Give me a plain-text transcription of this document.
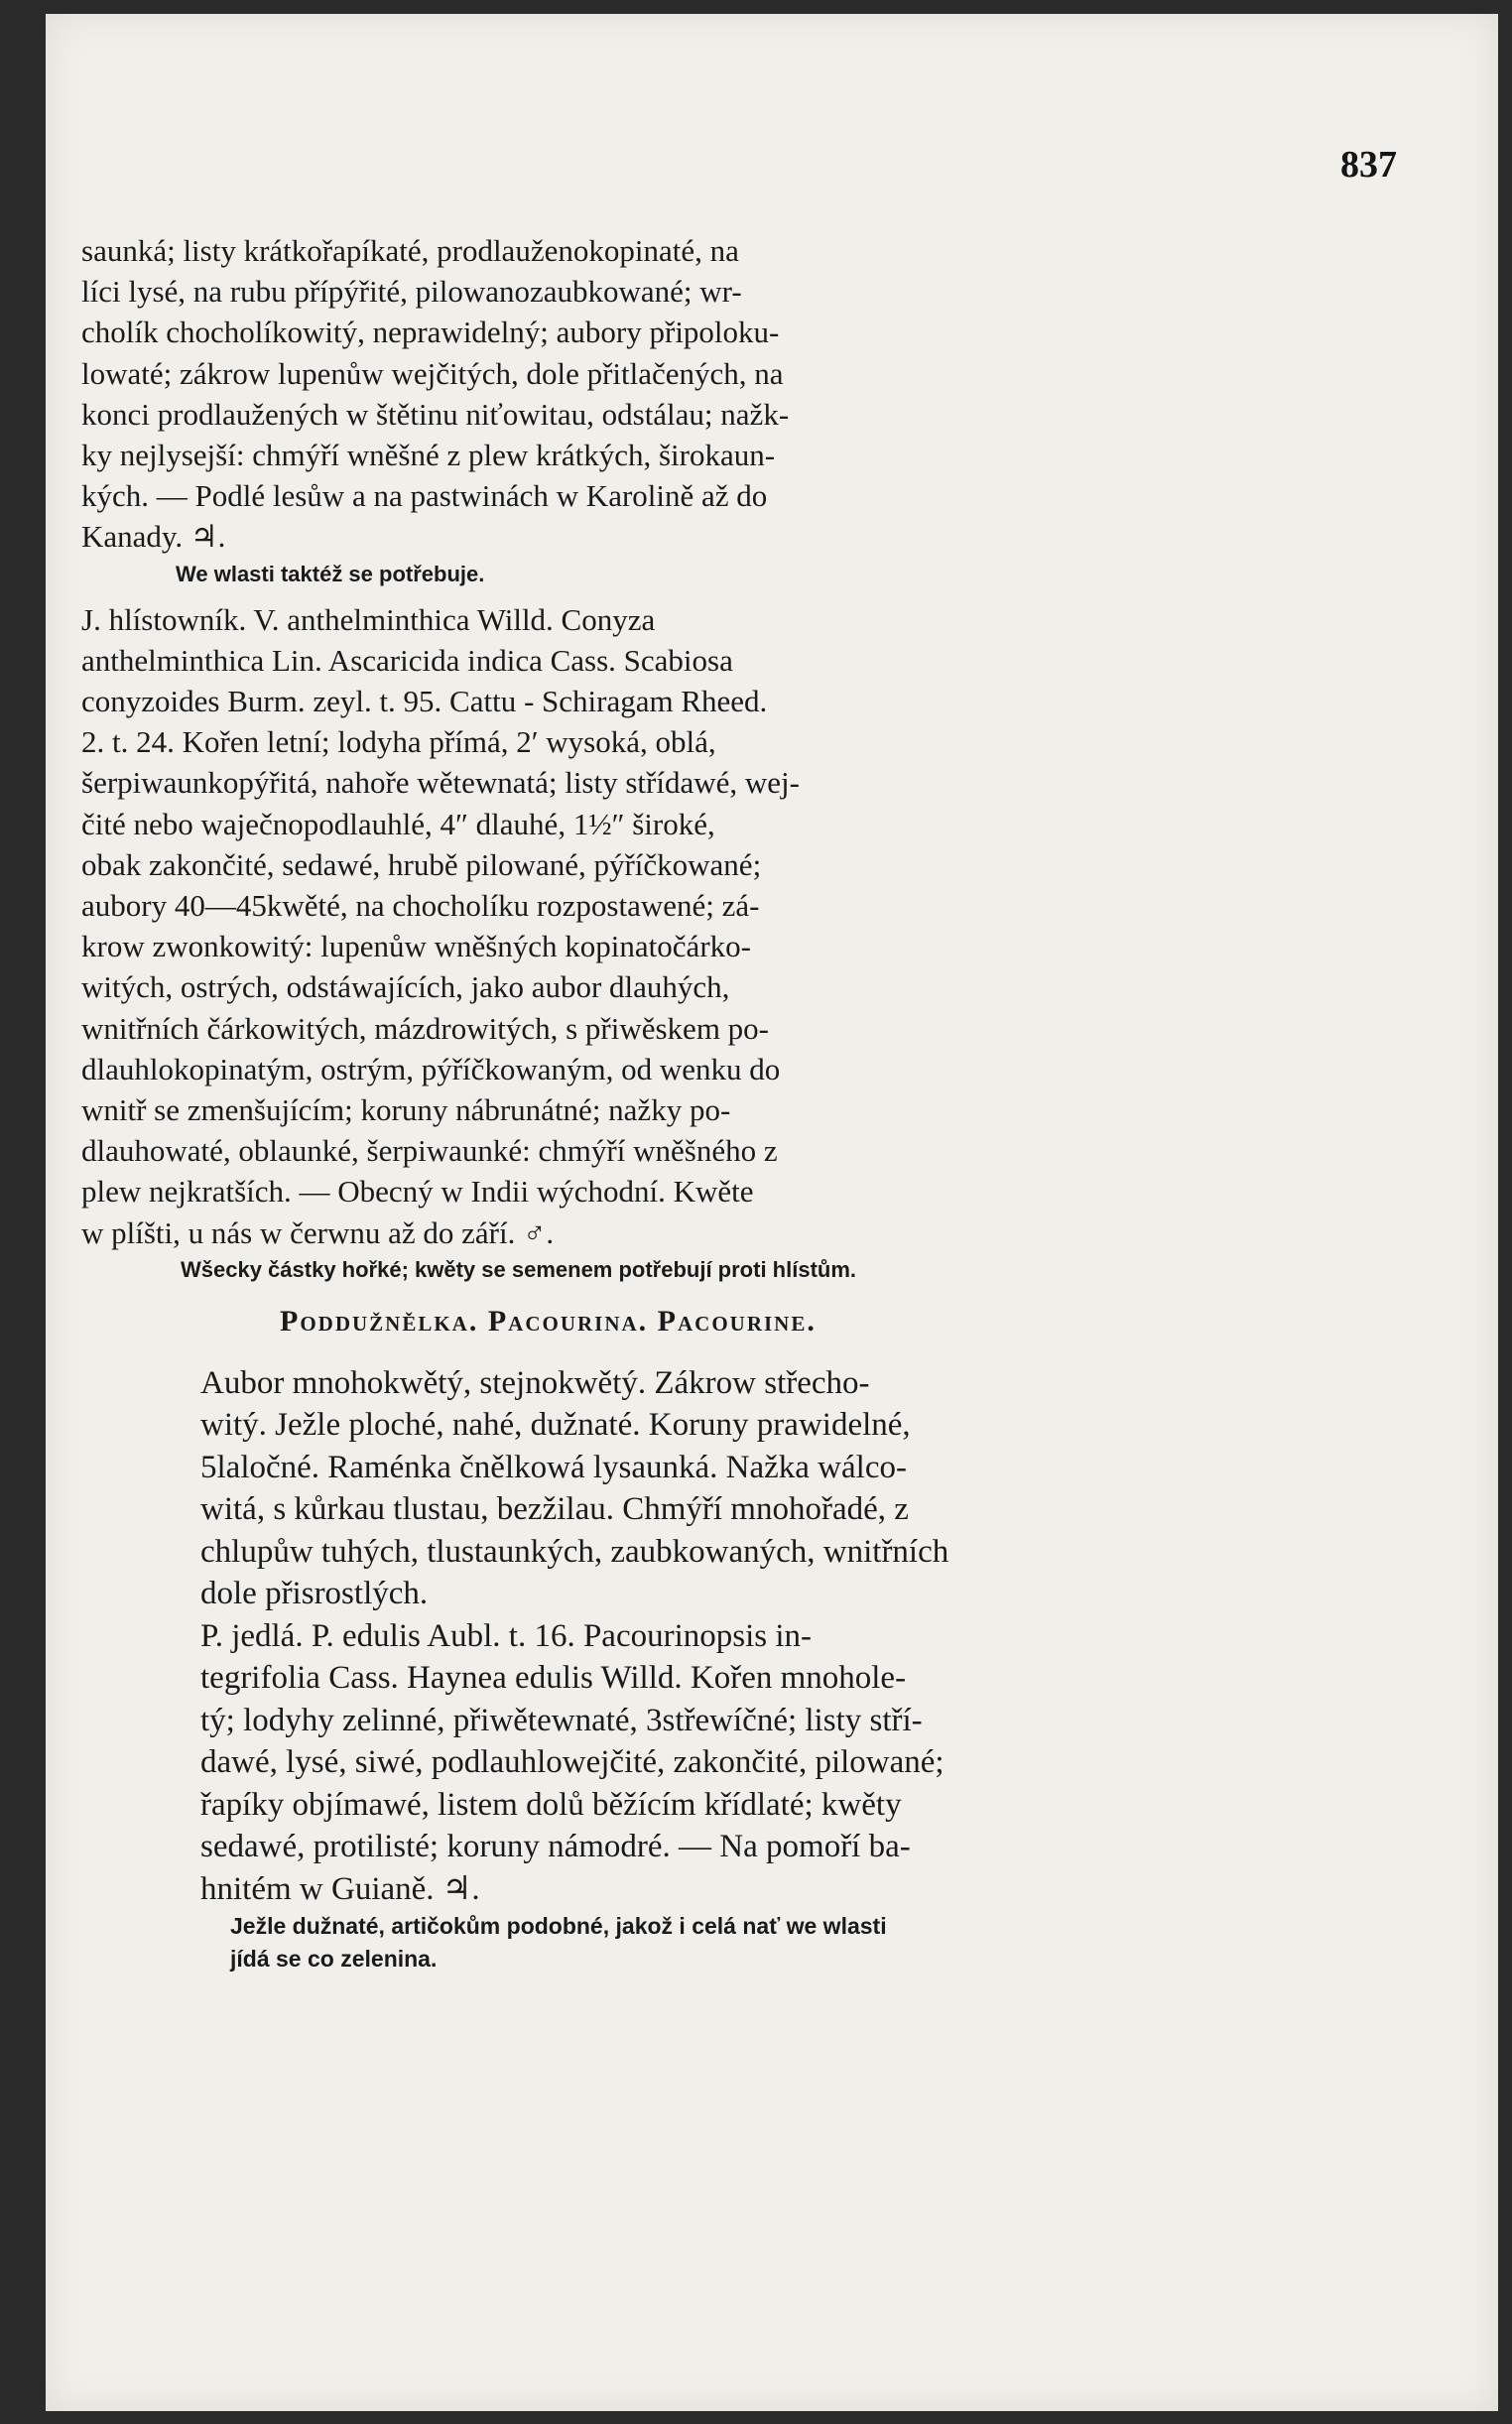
837
saunká; listy krátkořapíkaté, prodlauženokopinaté, na
líci lysé, na rubu přípýřité, pilowanozaubkowané; wr-
cholík chocholíkowitý, neprawidelný; aubory připoloku-
lowaté; zákrow lupenůw wejčitých, dole přitlačených, na
konci prodlaužených w štětinu niťowitau, odstálau; nažk-
ky nejlysejší: chmýří wněšné z plew krátkých, širokaun-
kých. — Podlé lesůw a na pastwinách w Karolině až do
Kanady. ♃.

We wlasti taktéž se potřebuje.

J. hlístowník. V. anthelminthica Willd. Conyza
anthelminthica Lin. Ascaricida indica Cass. Scabiosa
conyzoides Burm. zeyl. t. 95. Cattu - Schiragam Rheed.
2. t. 24. Kořen letní; lodyha přímá, 2′ wysoká, oblá,
šerpiwaunkopýřitá, nahoře wětewnatá; listy střídawé, wej-
čité nebo waječnopodlauhlé, 4″ dlauhé, 1½″ široké,
obak zakončité, sedawé, hrubě pilowané, pýříčkowané;
aubory 40—45kwěté, na chocholíku rozpostawené; zá-
krow zwonkowitý: lupenůw wněšných kopinatočárko-
witých, ostrých, odstáwajících, jako aubor dlauhých,
wnitřních čárkowitých, mázdrowitých, s přiwěskem po-
dlauhlokopinatým, ostrým, pýříčkowaným, od wenku do
wnitř se zmenšujícím; koruny nábrunátné; nažky po-
dlauhowaté, oblaunké, šerpiwaunké: chmýří wněšného z
plew nejkratších. — Obecný w Indii wýchodní. Kwěte
w plíšti, u nás w čerwnu až do září. ♂.

Wšecky částky hořké; kwěty se semenem potřebují proti hlístům.

Poddužnělka. Pacourina. Pacourine.
Aubor mnohokwětý, stejnokwětý. Zákrow střecho-
witý. Ježle ploché, nahé, dužnaté. Koruny prawidelné,
5laločné. Raménka čnělkowá lysaunká. Nažka wálco-
witá, s kůrkau tlustau, bezžilau. Chmýří mnohořadé, z
chlupůw tuhých, tlustaunkých, zaubkowaných, wnitřních
dole přisrostlých.
P. jedlá. P. edulis Aubl. t. 16. Pacourinopsis in-
tegrifolia Cass. Haynea edulis Willd. Kořen mnohole-
tý; lodyhy zelinné, přiwětewnaté, 3střewíčné; listy stří-
dawé, lysé, siwé, podlauhlowejčité, zakončité, pilowané;
řapíky objímawé, listem dolů běžícím křídlaté; kwěty
sedawé, protilisté; koruny námodré. — Na pomoří ba-
hnitém w Guianě. ♃.
Ježle dužnaté, artičokům podobné, jakož i celá nať we wlasti
jídá se co zelenina.
